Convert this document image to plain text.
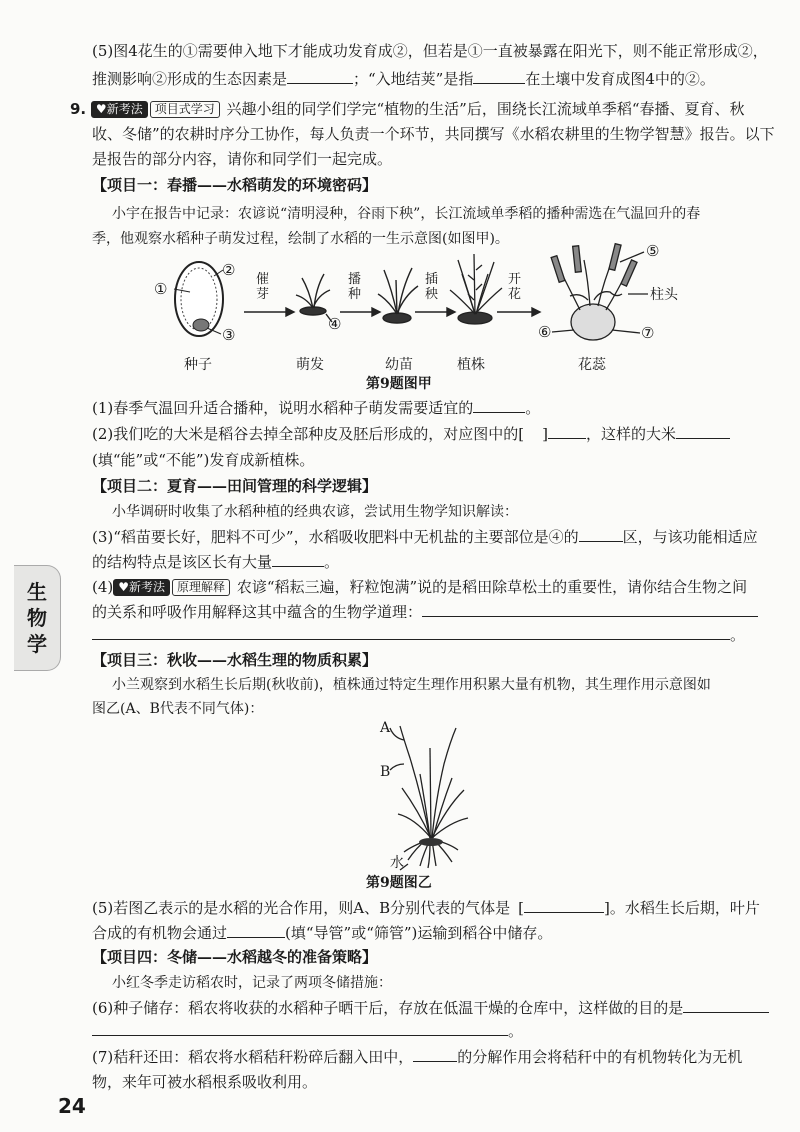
(5)图4花生的①需要伸入地下才能成功发育成②，但若是①一直被暴露在阳光下，则不能正常形成②，
推测影响②形成的生态因素是	；“入地结荚”是指	在土壤中发育成图4中的②。
9. ♥新考法 项目式学习 兴趣小组的同学们学完“植物的生活”后，围绕长江流域单季稻“春播、夏育、秋
收、冬储”的农耕时序分工协作，每人负责一个环节，共同撰写《水稻农耕里的生物学智慧》报告。以下
是报告的部分内容，请你和同学们一起完成。
【项目一：春播——水稻萌发的环境密码】
小宇在报告中记录：农谚说“清明浸种，谷雨下秧”，长江流域单季稻的播种需选在气温回升的春
季，他观察水稻种子萌发过程，绘制了水稻的一生示意图(如图甲)。
①
②
③
④
⑤
⑥	⑦
柱头
催芽
播种
插秧
开花
种子	萌发	幼苗	植株	花蕊
第9题图甲
(1)春季气温回升适合播种，说明水稻种子萌发需要适宜的	。
(2)我们吃的大米是稻谷去掉全部种皮及胚后形成的，对应图中的[ ]	，这样的大米
(填“能”或“不能”)发育成新植株。
【项目二：夏育——田间管理的科学逻辑】
小华调研时收集了水稻种植的经典农谚，尝试用生物学知识解读：
(3)“稻苗要长好，肥料不可少”，水稻吸收肥料中无机盐的主要部位是④的	区，与该功能相适应
的结构特点是该区长有大量	。
(4) ♥新考法 原理解释 农谚“稻耘三遍，籽粒饱满”说的是稻田除草松土的重要性，请你结合生物之间
的关系和呼吸作用解释这其中蕴含的生物学道理：
。
【项目三：秋收——水稻生理的物质积累】
小兰观察到水稻生长后期(秋收前)，植株通过特定生理作用积累大量有机物，其生理作用示意图如
图乙(A、B代表不同气体)：
A
B
水
第9题图乙
(5)若图乙表示的是水稻的光合作用，则A、B分别代表的气体是 [	]。水稻生长后期，叶片
合成的有机物会通过	(填“导管”或“筛管”)运输到稻谷中储存。
【项目四：冬储——水稻越冬的准备策略】
小红冬季走访稻农时，记录了两项冬储措施：
(6)种子储存：稻农将收获的水稻种子晒干后，存放在低温干燥的仓库中，这样做的目的是
。
(7)秸秆还田：稻农将水稻秸秆粉碎后翻入田中，	的分解作用会将秸秆中的有机物转化为无机
物，来年可被水稻根系吸收利用。
生
物
学
24
